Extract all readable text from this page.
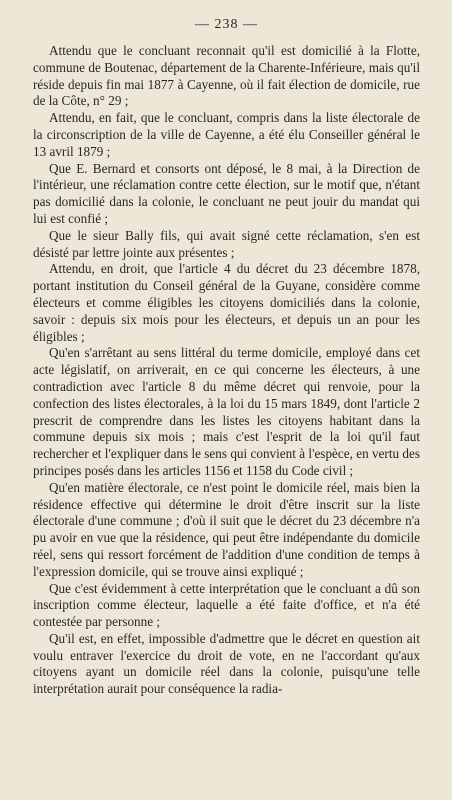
— 238 —

Attendu que le concluant reconnait qu'il est domicilié à la Flotte, commune de Boutenac, département de la Charente-Inférieure, mais qu'il réside depuis fin mai 1877 à Cayenne, où il fait élection de domicile, rue de la Côte, n° 29 ;

Attendu, en fait, que le concluant, compris dans la liste électorale de la circonscription de la ville de Cayenne, a été élu Conseiller général le 13 avril 1879 ;

Que E. Bernard et consorts ont déposé, le 8 mai, à la Direction de l'intérieur, une réclamation contre cette élection, sur le motif que, n'étant pas domicilié dans la colonie, le concluant ne peut jouir du mandat qui lui est confié ;

Que le sieur Bally fils, qui avait signé cette réclamation, s'en est désisté par lettre jointe aux présentes ;

Attendu, en droit, que l'article 4 du décret du 23 décembre 1878, portant institution du Conseil général de la Guyane, considère comme électeurs et comme éligibles les citoyens domiciliés dans la colonie, savoir : depuis six mois pour les électeurs, et depuis un an pour les éligibles ;

Qu'en s'arrêtant au sens littéral du terme domicile, employé dans cet acte législatif, on arriverait, en ce qui concerne les électeurs, à une contradiction avec l'article 8 du même décret qui renvoie, pour la confection des listes électorales, à la loi du 15 mars 1849, dont l'article 2 prescrit de comprendre dans les listes les citoyens habitant dans la commune depuis six mois ; mais c'est l'esprit de la loi qu'il faut rechercher et l'expliquer dans le sens qui convient à l'espèce, en vertu des principes posés dans les articles 1156 et 1158 du Code civil ;

Qu'en matière électorale, ce n'est point le domicile réel, mais bien la résidence effective qui détermine le droit d'être inscrit sur la liste électorale d'une commune ; d'où il suit que le décret du 23 décembre n'a pu avoir en vue que la résidence, qui peut être indépendante du domicile réel, sens qui ressort forcément de l'addition d'une condition de temps à l'expression domicile, qui se trouve ainsi expliqué ;

Que c'est évidemment à cette interprétation que le concluant a dû son inscription comme électeur, laquelle a été faite d'office, et n'a été contestée par personne ;

Qu'il est, en effet, impossible d'admettre que le décret en question ait voulu entraver l'exercice du droit de vote, en ne l'accordant qu'aux citoyens ayant un domicile réel dans la colonie, puisqu'une telle interprétation aurait pour conséquence la radia-
